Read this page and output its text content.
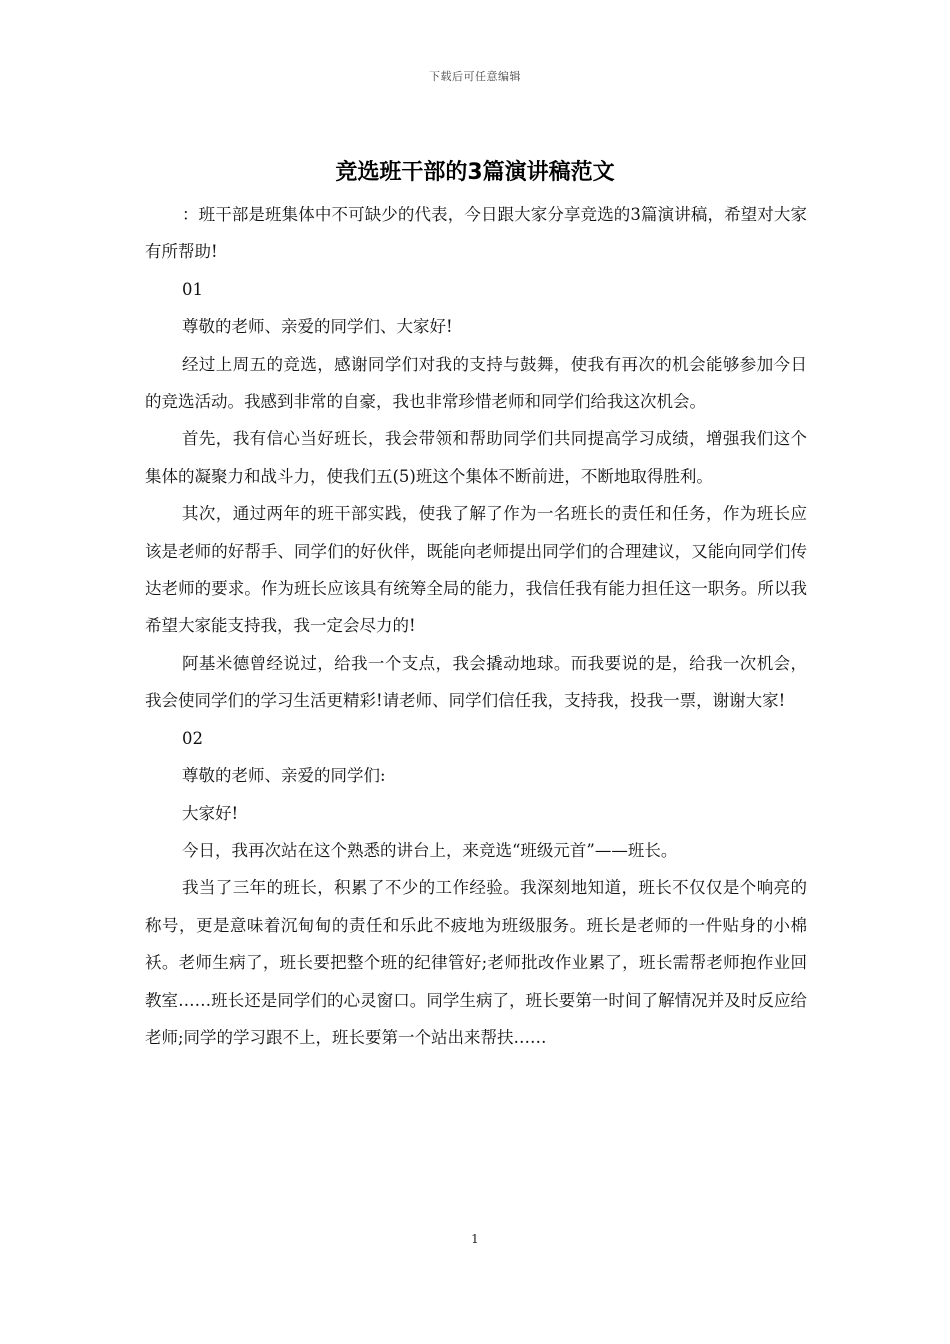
下载后可任意编辑
竞选班干部的3篇演讲稿范文

：班干部是班集体中不可缺少的代表，今日跟大家分享竞选的3篇演讲稿，希望对大家有所帮助!

01

尊敬的老师、亲爱的同学们、大家好!

经过上周五的竞选，感谢同学们对我的支持与鼓舞，使我有再次的机会能够参加今日的竞选活动。我感到非常的自豪，我也非常珍惜老师和同学们给我这次机会。

首先，我有信心当好班长，我会带领和帮助同学们共同提高学习成绩，增强我们这个集体的凝聚力和战斗力，使我们五(5)班这个集体不断前进，不断地取得胜利。

其次，通过两年的班干部实践，使我了解了作为一名班长的责任和任务，作为班长应该是老师的好帮手、同学们的好伙伴，既能向老师提出同学们的合理建议，又能向同学们传达老师的要求。作为班长应该具有统筹全局的能力，我信任我有能力担任这一职务。所以我希望大家能支持我，我一定会尽力的!

阿基米德曾经说过，给我一个支点，我会撬动地球。而我要说的是，给我一次机会，我会使同学们的学习生活更精彩!请老师、同学们信任我，支持我，投我一票，谢谢大家!

02

尊敬的老师、亲爱的同学们:

大家好!

今日，我再次站在这个熟悉的讲台上，来竞选“班级元首”——班长。

我当了三年的班长，积累了不少的工作经验。我深刻地知道，班长不仅仅是个响亮的称号，更是意味着沉甸甸的责任和乐此不疲地为班级服务。班长是老师的一件贴身的小棉袄。老师生病了，班长要把整个班的纪律管好;老师批改作业累了，班长需帮老师抱作业回教室……班长还是同学们的心灵窗口。同学生病了，班长要第一时间了解情况并及时反应给老师;同学的学习跟不上，班长要第一个站出来帮扶……

1
